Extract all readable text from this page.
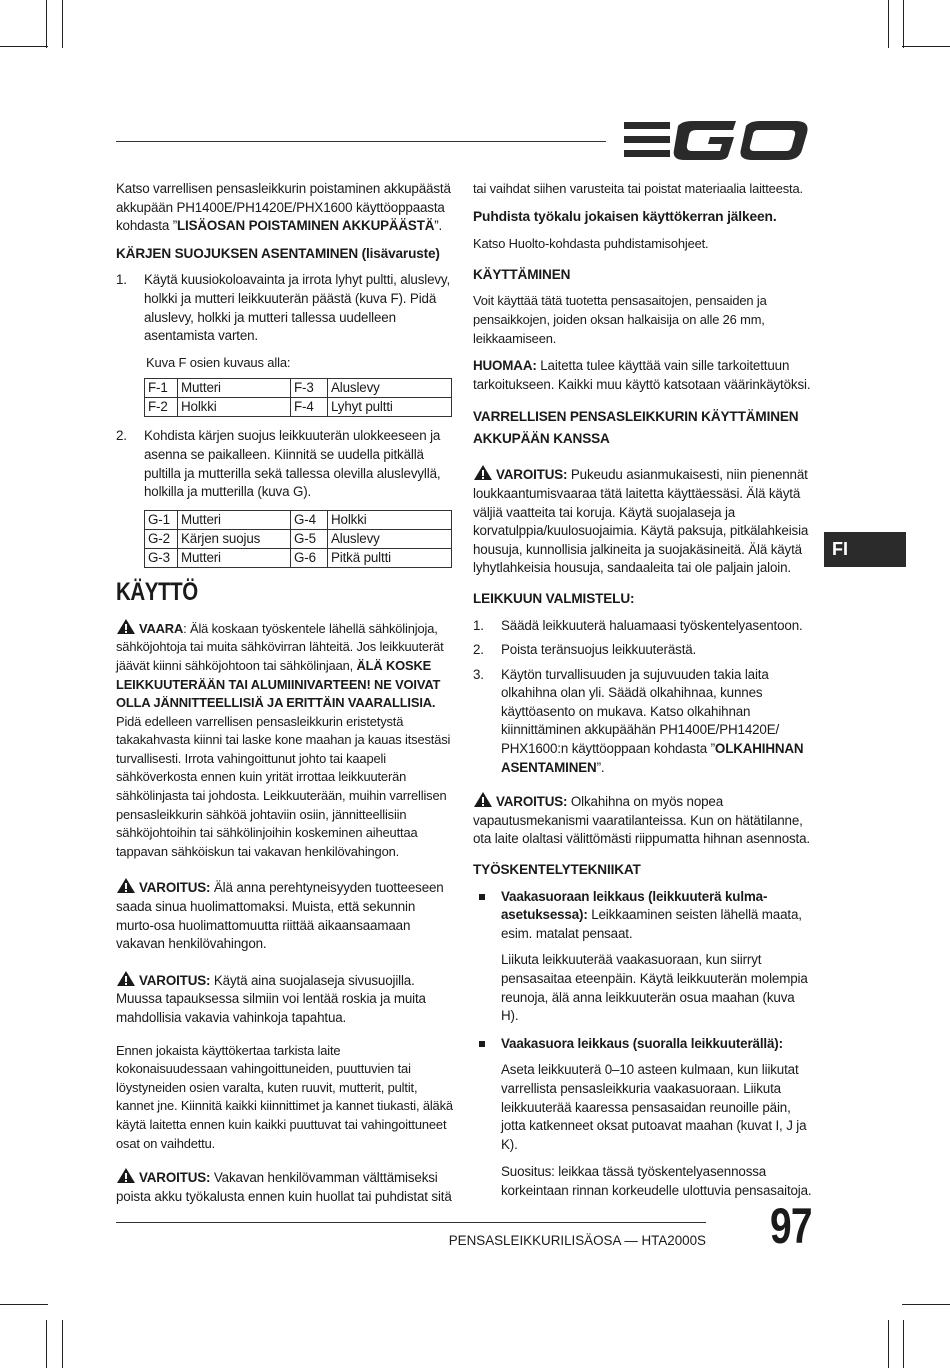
EGO
FI

Katso varrellisen pensasleikkurin poistaminen akkupäästä akkupään PH1400E/PH1420E/PHX1600 käyttöoppaasta kohdasta ”LISÄOSAN POISTAMINEN AKKUPÄÄSTÄ”.

KÄRJEN SUOJUKSEN ASENTAMINEN (lisävaruste)
1. Käytä kuusiokoloavainta ja irrota lyhyt pultti, aluslevy, holkki ja mutteri leikkuuterän päästä (kuva F). Pidä aluslevy, holkki ja mutteri tallessa uudelleen asentamista varten.
Kuva F osien kuvaus alla:
F-1	Mutteri	F-3	Aluslevy
F-2	Holkki	F-4	Lyhyt pultti
2. Kohdista kärjen suojus leikkuuterän ulokkeeseen ja asenna se paikalleen. Kiinnitä se uudella pitkällä pultilla ja mutterilla sekä tallessa olevilla aluslevyllä, holkilla ja mutterilla (kuva G).
G-1	Mutteri	G-4	Holkki
G-2	Kärjen suojus	G-5	Aluslevy
G-3	Mutteri	G-6	Pitkä pultti
KÄYTTÖ

VAARA: Älä koskaan työskentele lähellä sähkölinjoja, sähköjohtoja tai muita sähkövirran lähteitä. Jos leikkuuterät jäävät kiinni sähköjohtoon tai sähkölinjaan, ÄLÄ KOSKE LEIKKUUTERÄÄN TAI ALUMIINIVARTEEN! NE VOIVAT OLLA JÄNNITTEELLISIÄ JA ERITTÄIN VAARALLISIA. Pidä edelleen varrellisen pensasleikkurin eristetystä takakahvasta kiinni tai laske kone maahan ja kauas itsestäsi turvallisesti. Irrota vahingoittunut johto tai kaapeli sähköverkosta ennen kuin yrität irrottaa leikkuuterän sähkölinjasta tai johdosta. Leikkuuterään, muihin varrellisen pensasleikkurin sähköä johtaviin osiin, jännitteellisiin sähköjohtoihin tai sähkölinjoihin koskeminen aiheuttaa tappavan sähköiskun tai vakavan henkilövahingon.

VAROITUS: Älä anna perehtyneisyyden tuotteeseen saada sinua huolimattomaksi. Muista, että sekunnin murto-osa huolimattomuutta riittää aikaansaamaan vakavan henkilövahingon.

VAROITUS: Käytä aina suojalaseja sivusuojilla. Muussa tapauksessa silmiin voi lentää roskia ja muita mahdollisia vakavia vahinkoja tapahtua.

Ennen jokaista käyttökertaa tarkista laite kokonaisuudessaan vahingoittuneiden, puuttuvien tai löystyneiden osien varalta, kuten ruuvit, mutterit, pultit, kannet jne. Kiinnitä kaikki kiinnittimet ja kannet tiukasti, äläkä käytä laitetta ennen kuin kaikki puuttuvat tai vahingoittuneet osat on vaihdettu.

VAROITUS: Vakavan henkilövamman välttämiseksi poista akku työkalusta ennen kuin huollat tai puhdistat sitä

tai vaihdat siihen varusteita tai poistat materiaalia laitteesta.

Puhdista työkalu jokaisen käyttökerran jälkeen.

Katso Huolto-kohdasta puhdistamisohjeet.

KÄYTTÄMINEN

Voit käyttää tätä tuotetta pensasaitojen, pensaiden ja pensaikkojen, joiden oksan halkaisija on alle 26 mm, leikkaamiseen.

HUOMAA: Laitetta tulee käyttää vain sille tarkoitettuun tarkoitukseen. Kaikki muu käyttö katsotaan väärinkäytöksi.

VARRELLISEN PENSASLEIKKURIN KÄYTTÄMINEN AKKUPÄÄN KANSSA

VAROITUS: Pukeudu asianmukaisesti, niin pienennät loukkaantumisvaaraa tätä laitetta käyttäessäsi. Älä käytä väljiä vaatteita tai koruja. Käytä suojalaseja ja korvatulppia/kuulosuojaimia. Käytä paksuja, pitkälahkeisia housuja, kunnollisia jalkineita ja suojakäsineitä. Älä käytä lyhytlahkeisia housuja, sandaaleita tai ole paljain jaloin.

LEIKKUUN VALMISTELU:
1. Säädä leikkuuterä haluamaasi työskentelyasentoon.
2. Poista teränsuojus leikkuuterästä.
3. Käytön turvallisuuden ja sujuvuuden takia laita olkahihna olan yli. Säädä olkahihnaa, kunnes käyttöasento on mukava. Katso olkahihnan kiinnittäminen akkupäähän PH1400E/PH1420E/ PHX1600:n käyttöoppaan kohdasta ”OLKAHIHNAN ASENTAMINEN”.

VAROITUS: Olkahihna on myös nopea vapautusmekanismi vaaratilanteissa. Kun on hätätilanne, ota laite olaltasi välittömästi riippumatta hihnan asennosta.

TYÖSKENTELYTEKNIIKAT
Vaakasuoraan leikkaus (leikkuuterä kulma-asetuksessa): Leikkaaminen seisten lähellä maata, esim. matalat pensaat.

Liikuta leikkuuterää vaakasuoraan, kun siirryt pensasaitaa eteenpäin. Käytä leikkuuterän molempia reunoja, älä anna leikkuuterän osua maahan (kuva H).

Vaakasuora leikkaus (suoralla leikkuuterällä):

Aseta leikkuuterä 0–10 asteen kulmaan, kun liikutat varrellista pensasleikkuria vaakasuoraan. Liikuta leikkuuterää kaaressa pensasaidan reunoille päin, jotta katkenneet oksat putoavat maahan (kuvat I, J ja K).

Suositus: leikkaa tässä työskentelyasennossa korkeintaan rinnan korkeudelle ulottuvia pensasaitoja.

PENSASLEIKKURILISÄOSA — HTA2000S 97
